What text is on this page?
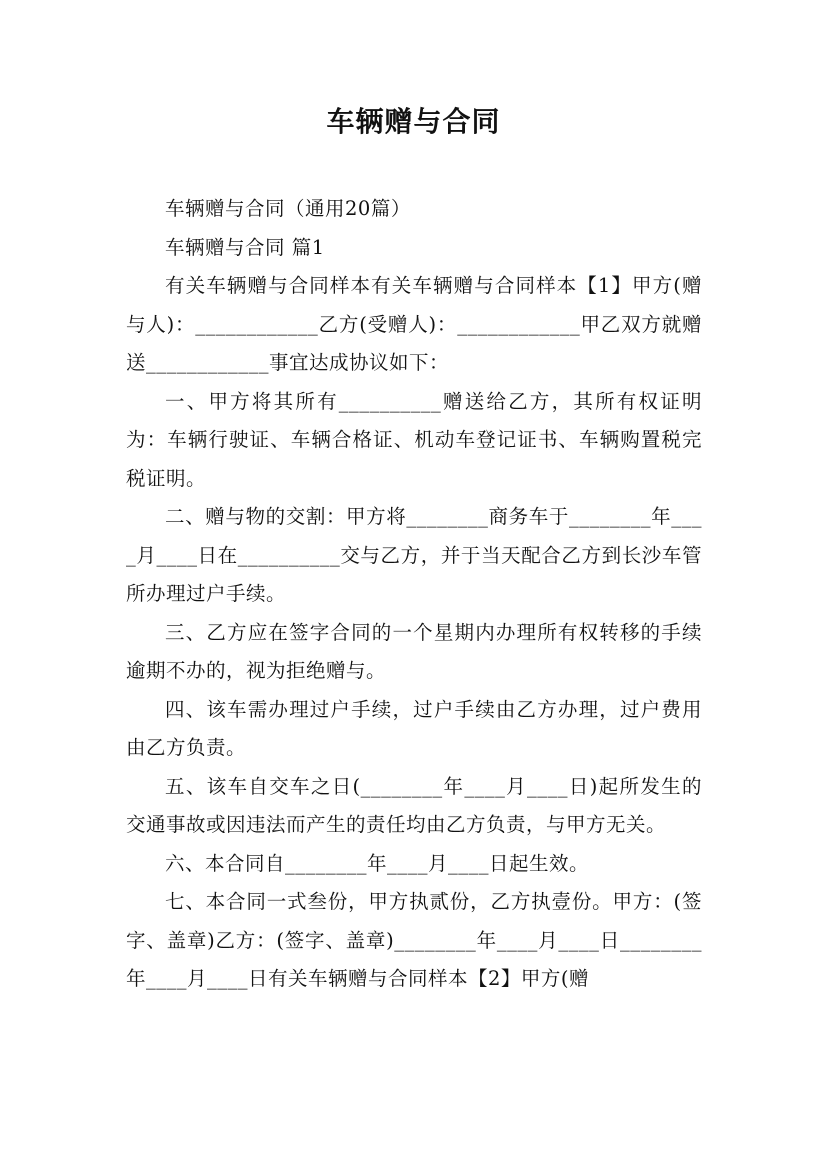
车辆赠与合同

车辆赠与合同（通用20篇）

车辆赠与合同 篇1

有关车辆赠与合同样本有关车辆赠与合同样本【1】甲方(赠与人)：____________乙方(受赠人)：____________甲乙双方就赠送____________事宜达成协议如下：

一、甲方将其所有__________赠送给乙方，其所有权证明为：车辆行驶证、车辆合格证、机动车登记证书、车辆购置税完税证明。

二、赠与物的交割：甲方将________商务车于________年____月____日在__________交与乙方，并于当天配合乙方到长沙车管所办理过户手续。

三、乙方应在签字合同的一个星期内办理所有权转移的手续逾期不办的，视为拒绝赠与。

四、该车需办理过户手续，过户手续由乙方办理，过户费用由乙方负责。

五、该车自交车之日(________年____月____日)起所发生的交通事故或因违法而产生的责任均由乙方负责，与甲方无关。

六、本合同自________年____月____日起生效。

七、本合同一式叁份，甲方执贰份，乙方执壹份。甲方：(签字、盖章)乙方：(签字、盖章)________年____月____日________年____月____日有关车辆赠与合同样本【2】甲方(赠
